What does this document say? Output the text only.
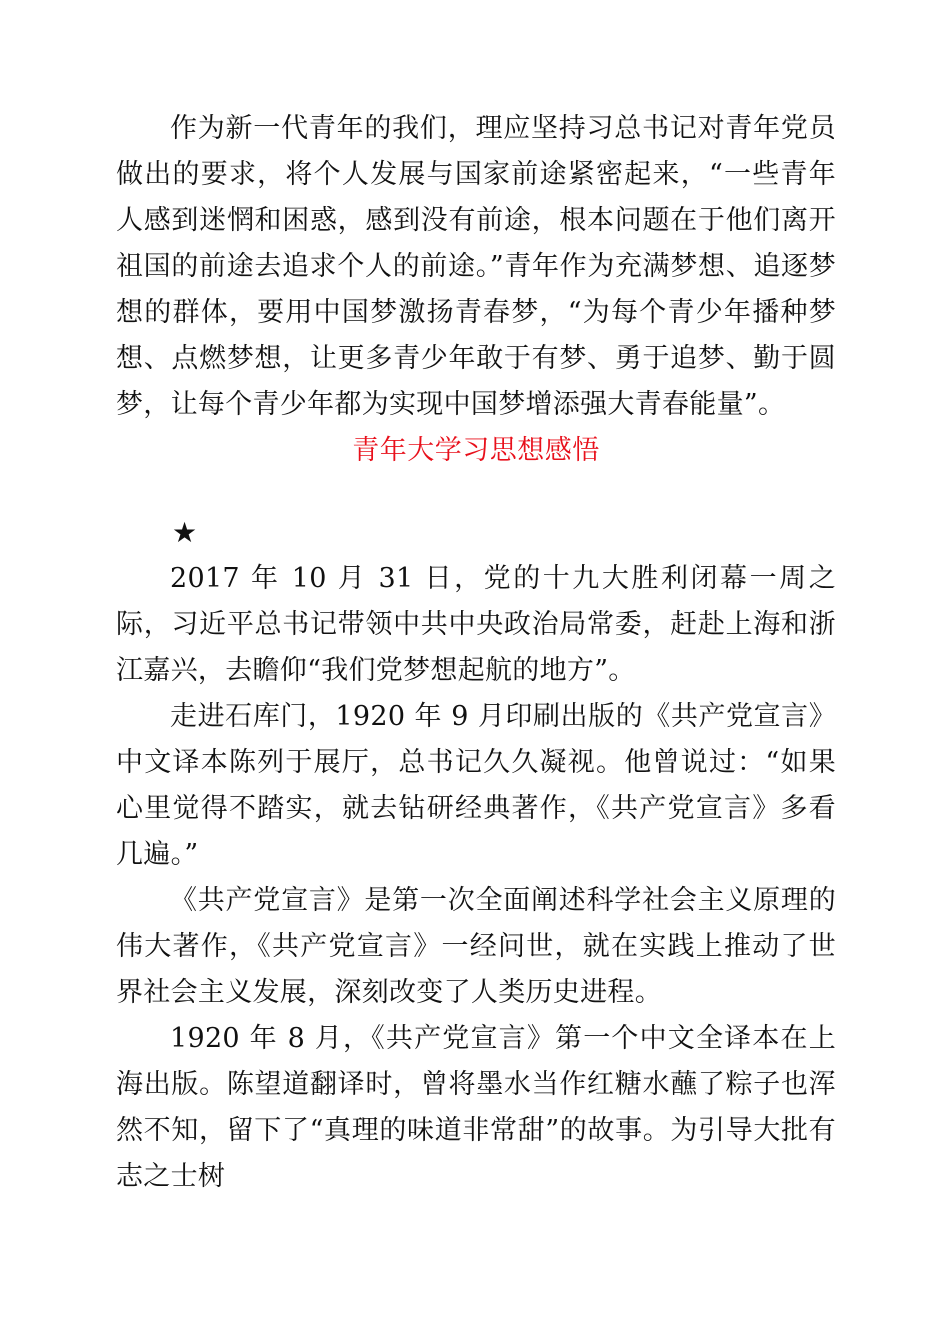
作为新一代青年的我们，理应坚持习总书记对青年党员做出的要求，将个人发展与国家前途紧密起来，“一些青年人感到迷惘和困惑，感到没有前途，根本问题在于他们离开祖国的前途去追求个人的前途。”青年作为充满梦想、追逐梦想的群体，要用中国梦激扬青春梦，“为每个青少年播种梦想、点燃梦想，让更多青少年敢于有梦、勇于追梦、勤于圆梦，让每个青少年都为实现中国梦增添强大青春能量”。

青年大学习思想感悟

★

2017 年 10 月 31 日，党的十九大胜利闭幕一周之际，习近平总书记带领中共中央政治局常委，赶赴上海和浙江嘉兴，去瞻仰“我们党梦想起航的地方”。

走进石库门，1920 年 9 月印刷出版的《共产党宣言》中文译本陈列于展厅，总书记久久凝视。他曾说过：“如果心里觉得不踏实，就去钻研经典著作，《共产党宣言》多看几遍。”

《共产党宣言》是第一次全面阐述科学社会主义原理的伟大著作，《共产党宣言》一经问世，就在实践上推动了世界社会主义发展，深刻改变了人类历史进程。

1920 年 8 月，《共产党宣言》第一个中文全译本在上海出版。陈望道翻译时，曾将墨水当作红糖水蘸了粽子也浑然不知，留下了“真理的味道非常甜”的故事。为引导大批有志之士树
